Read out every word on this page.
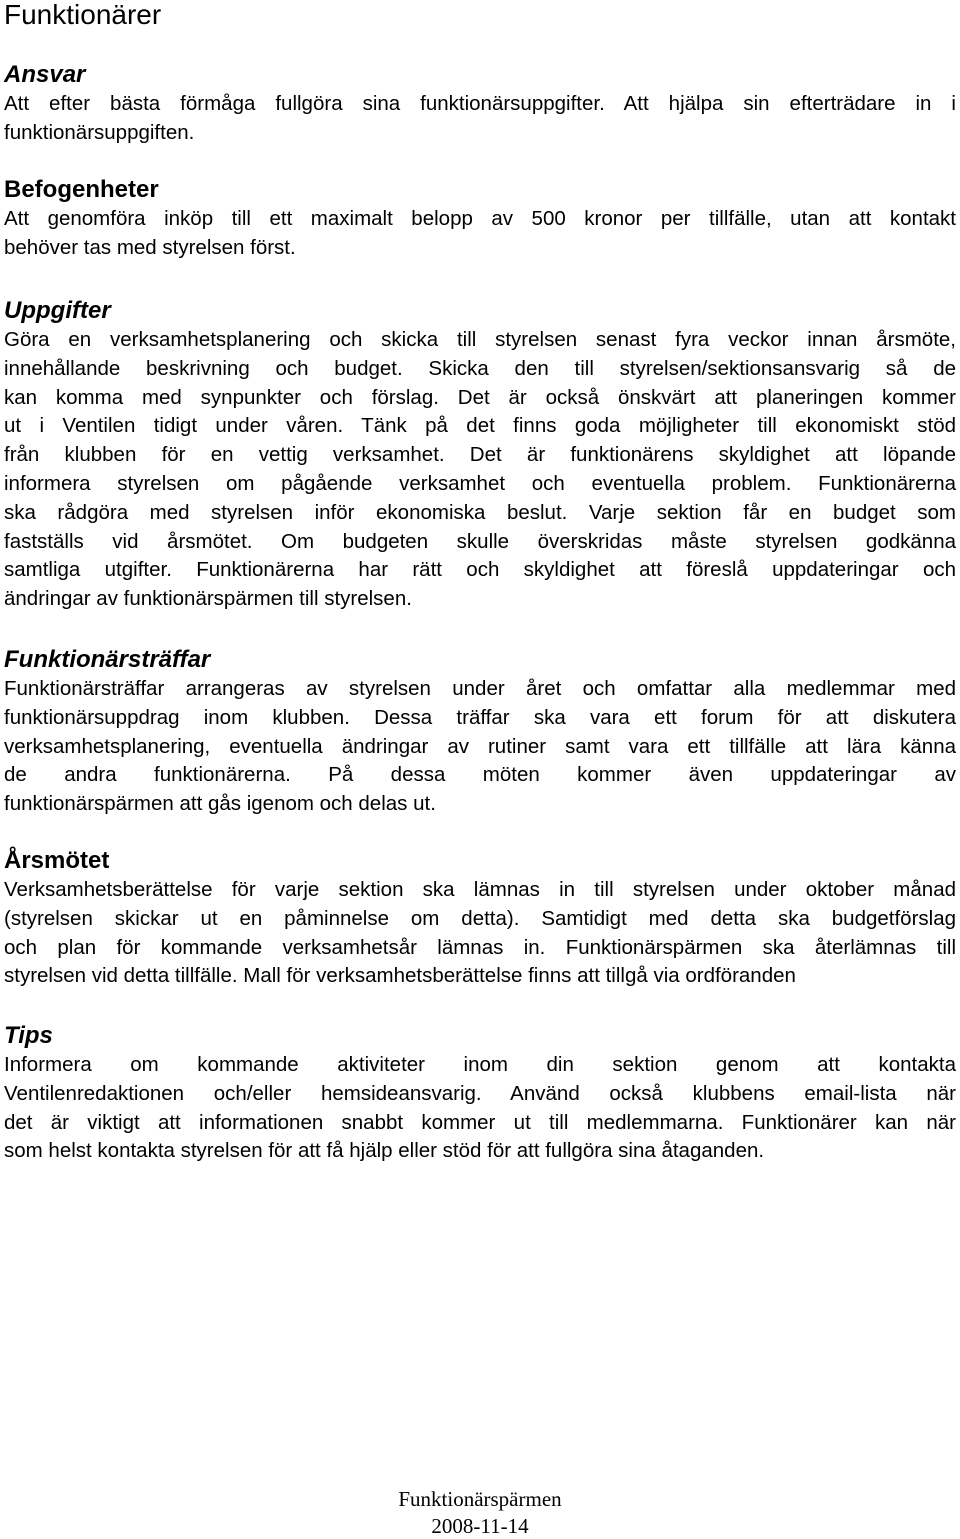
Funktionärer
Ansvar
Att efter bästa förmåga fullgöra sina funktionärsuppgifter. Att hjälpa sin efterträdare in i
funktionärsuppgiften.
Befogenheter
Att genomföra inköp till ett maximalt belopp av 500 kronor per tillfälle, utan att kontakt
behöver tas med styrelsen först.
Uppgifter
Göra en verksamhetsplanering och skicka till styrelsen senast fyra veckor innan årsmöte,
innehållande beskrivning och budget. Skicka den till styrelsen/sektionsansvarig så de
kan komma med synpunkter och förslag. Det är också önskvärt att planeringen kommer
ut i Ventilen tidigt under våren. Tänk på det finns goda möjligheter till ekonomiskt stöd
från klubben för en vettig verksamhet. Det är funktionärens skyldighet att löpande
informera styrelsen om pågående verksamhet och eventuella problem. Funktionärerna
ska rådgöra med styrelsen inför ekonomiska beslut. Varje sektion får en budget som
fastställs vid årsmötet. Om budgeten skulle överskridas måste styrelsen godkänna
samtliga utgifter. Funktionärerna har rätt och skyldighet att föreslå uppdateringar och
ändringar av funktionärspärmen till styrelsen.
Funktionärsträffar
Funktionärsträffar arrangeras av styrelsen under året och omfattar alla medlemmar med
funktionärsuppdrag inom klubben. Dessa träffar ska vara ett forum för att diskutera
verksamhetsplanering, eventuella ändringar av rutiner samt vara ett tillfälle att lära känna
de andra funktionärerna. På dessa möten kommer även uppdateringar av
funktionärspärmen att gås igenom och delas ut.
Årsmötet
Verksamhetsberättelse för varje sektion ska lämnas in till styrelsen under oktober månad
(styrelsen skickar ut en påminnelse om detta). Samtidigt med detta ska budgetförslag
och plan för kommande verksamhetsår lämnas in. Funktionärspärmen ska återlämnas till
styrelsen vid detta tillfälle. Mall för verksamhetsberättelse finns att tillgå via ordföranden
Tips
Informera om kommande aktiviteter inom din sektion genom att kontakta
Ventilenredaktionen och/eller hemsideansvarig. Använd också klubbens email-lista när
det är viktigt att informationen snabbt kommer ut till medlemmarna. Funktionärer kan när
som helst kontakta styrelsen för att få hjälp eller stöd för att fullgöra sina åtaganden.
Funktionärspärmen
2008-11-14
